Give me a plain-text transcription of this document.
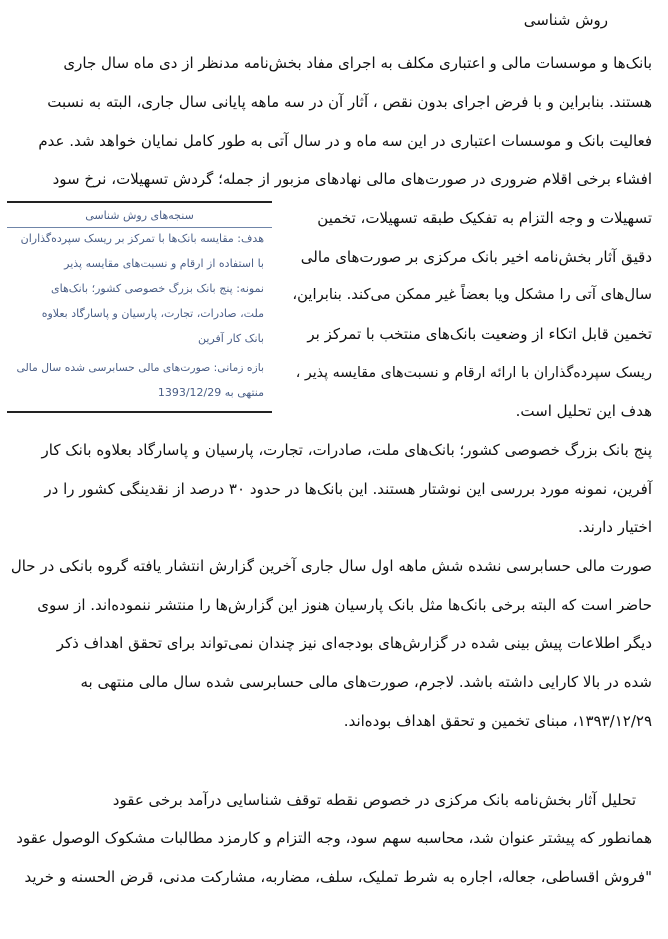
روش شناسی
بانک‌ها و موسسات مالی و اعتباری مکلف به اجرای مفاد بخش‌نامه مدنظر از دی ماه سال جاری
هستند. بنابراین و با فرض اجرای بدون نقص ، آثار آن در سه ماهه پایانی سال جاری، البته به نسبت
فعالیت بانک و موسسات اعتباری در این سه ماه و در سال آتی به طور کامل نمایان خواهد شد. عدم
افشاء برخی اقلام ضروری در صورت‌های مالی نهادهای مزبور از جمله؛ گردش تسهیلات، نرخ سود
تسهیلات و وجه التزام به تفکیک طبقه تسهیلات، تخمین
دقیق آثار بخش‌نامه اخیر بانک مرکزی بر صورت‌های مالی
سال‌های آتی را مشکل ویا بعضاً غیر ممکن می‌کند. بنابراین،
تخمین قابل اتکاء از وضعیت بانک‌های منتخب با تمرکز بر
ریسک سپرده‌گذاران با ارائه ارقام و نسبت‌های مقایسه پذیر ،
هدف این تحلیل است.
پنج بانک بزرگ خصوصی کشور؛ بانک‌های ملت، صادرات، تجارت، پارسیان و پاسارگاد بعلاوه بانک کار
آفرین، نمونه مورد بررسی این نوشتار هستند. این بانک‌ها در حدود ۳۰ درصد از نقدینگی کشور را در
اختیار دارند.
صورت مالی حسابرسی نشده شش ماهه اول سال جاری آخرین گزارش انتشار یافته گروه بانکی در حال
حاضر است که البته برخی بانک‌ها مثل بانک پارسیان هنوز این گزارش‌ها را منتشر ننموده‌اند. از سوی
دیگر اطلاعات پیش بینی شده در گزارش‌های بودجه‌ای نیز چندان نمی‌تواند برای تحقق اهداف ذکر
شده در بالا کارایی داشته باشد. لاجرم، صورت‌های مالی حسابرسی شده سال مالی منتهی به
۱۳۹۳/۱۲/۲۹، مبنای تخمین و تحقق اهداف بوده‌اند.
تحلیل آثار بخش‌نامه بانک مرکزی در خصوص نقطه توقف شناسایی درآمد برخی عقود
همانطور که پیشتر عنوان شد، محاسبه سهم سود، وجه التزام و کارمزد مطالبات مشکوک الوصول عقود
"فروش اقساطی، جعاله، اجاره به شرط تملیک، سلف، مضاربه، مشارکت مدنی، قرض الحسنه و خرید
سنجه‌های روش شناسی
هدف: مقایسه بانک‌ها با تمرکز بر ریسک سپرده‌گذاران
با استفاده از ارقام و نسبت‌های مقایسه پذیر
نمونه: پنج بانک بزرگ خصوصی کشور؛ بانک‌های
ملت، صادرات، تجارت، پارسیان و پاسارگاد بعلاوه
بانک کار آفرین
بازه زمانی: صورت‌های مالی حسابرسی شده سال مالی
منتهی به 1393/12/29
